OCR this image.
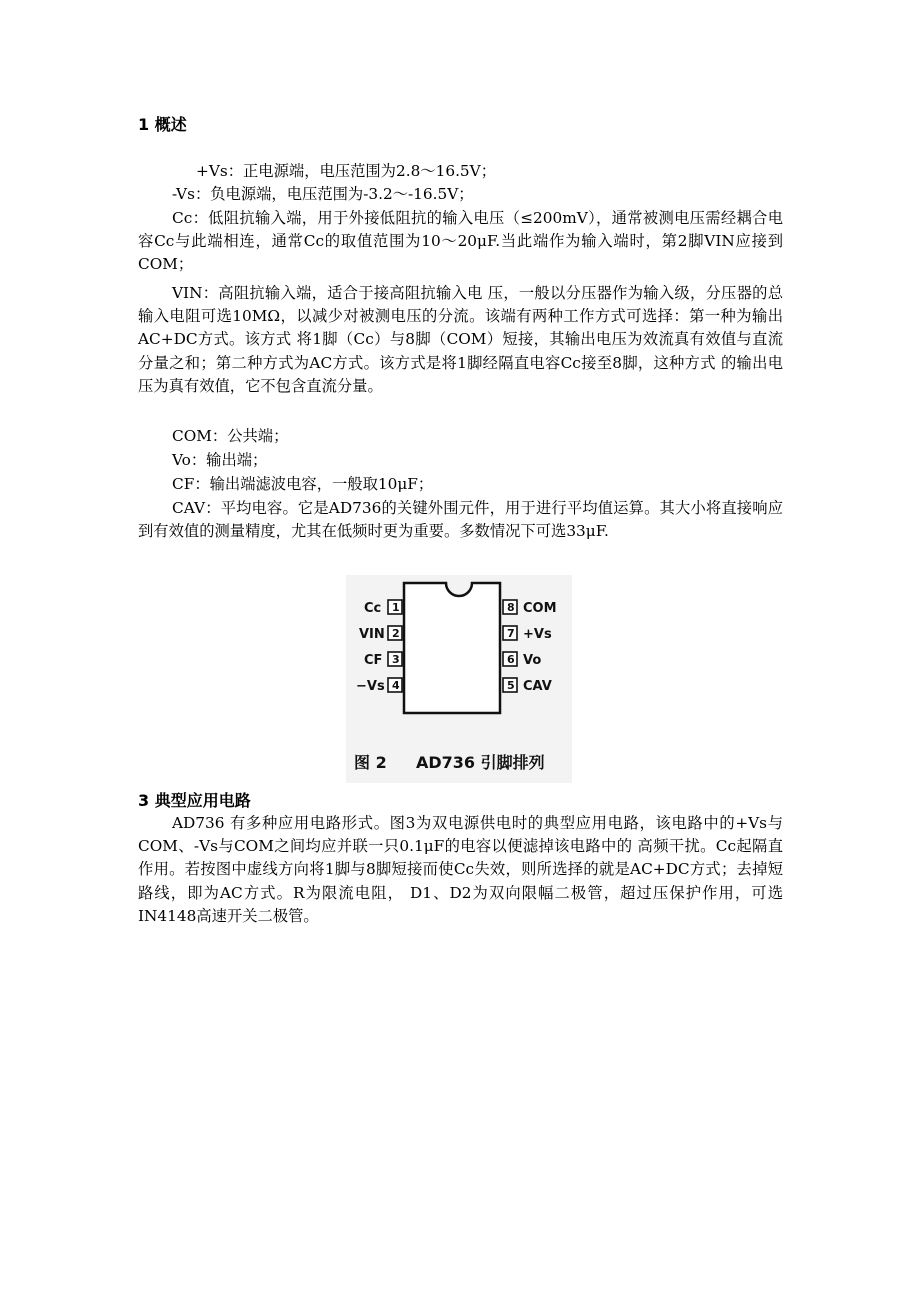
1 概述

+Vs：正电源端，电压范围为2.8～16.5V；

-Vs：负电源端，电压范围为-3.2～-16.5V；

Cc：低阻抗输入端，用于外接低阻抗的输入电压（≤200mV），通常被测电压需经耦合电容Cc与此端相连，通常Cc的取值范围为10～20μF.当此端作为输入端时，第2脚VIN应接到COM；

VIN：高阻抗输入端，适合于接高阻抗输入电 压，一般以分压器作为输入级，分压器的总输入电阻可选10MΩ，以减少对被测电压的分流。该端有两种工作方式可选择：第一种为输出AC+DC方式。该方式 将1脚（Cc）与8脚（COM）短接，其输出电压为效流真有效值与直流分量之和；第二种方式为AC方式。该方式是将1脚经隔直电容Cc接至8脚，这种方式 的输出电压为真有效值，它不包含直流分量。

COM：公共端；

Vo：输出端；

CF：输出端滤波电容，一般取10μF；

CAV：平均电容。它是AD736的关键外围元件，用于进行平均值运算。其大小将直接响应到有效值的测量精度，尤其在低频时更为重要。多数情况下可选33μF.

1
Cc
2
VIN
3
CF
4
−Vs
8 COM
7 +Vs
6 Vo
5 CAV
图 2 AD736 引脚排列
3 典型应用电路

AD736 有多种应用电路形式。图3为双电源供电时的典型应用电路，该电路中的+Vs与COM、-Vs与COM之间均应并联一只0.1μF的电容以便滤掉该电路中的 高频干扰。Cc起隔直作用。若按图中虚线方向将1脚与8脚短接而使Cc失效，则所选择的就是AC+DC方式；去掉短路线，即为AC方式。R为限流电阻， D1、D2为双向限幅二极管，超过压保护作用，可选IN4148高速开关二极管。
